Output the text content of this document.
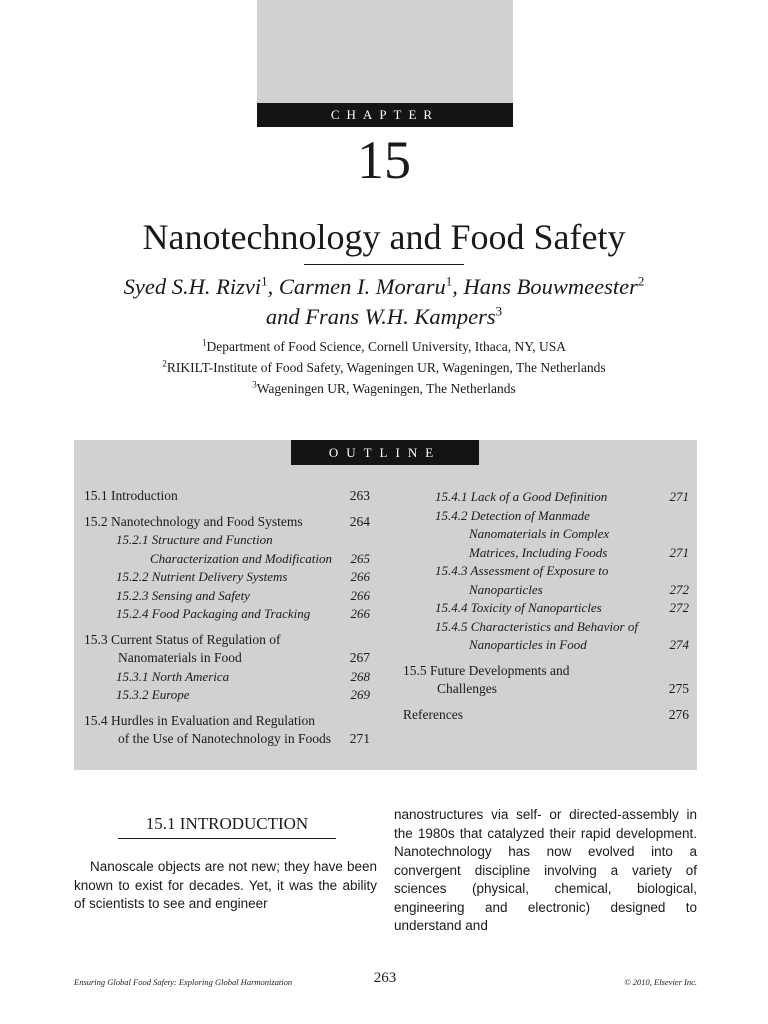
CHAPTER
15
Nanotechnology and Food Safety
Syed S.H. Rizvi$^1$, Carmen I. Moraru$^1$, Hans Bouwmeester$^2$
and Frans W.H. Kampers$^3$
$^1$Department of Food Science, Cornell University, Ithaca, NY, USA
$^2$RIKILT-Institute of Food Safety, Wageningen UR, Wageningen, The Netherlands
$^3$Wageningen UR, Wageningen, The Netherlands
OUTLINE
15.1 Introduction	263
15.2 Nanotechnology and Food Systems	264
15.2.1 Structure and Function
Characterization and Modification	265
15.2.2 Nutrient Delivery Systems	266
15.2.3 Sensing and Safety	266
15.2.4 Food Packaging and Tracking	266
15.3 Current Status of Regulation of
Nanomaterials in Food	267
15.3.1 North America	268
15.3.2 Europe	269
15.4 Hurdles in Evaluation and Regulation
of the Use of Nanotechnology in Foods	271
15.4.1 Lack of a Good Definition	271
15.4.2 Detection of Manmade
Nanomaterials in Complex
Matrices, Including Foods	271
15.4.3 Assessment of Exposure to
Nanoparticles	272
15.4.4 Toxicity of Nanoparticles	272
15.4.5 Characteristics and Behavior of
Nanoparticles in Food	274
15.5 Future Developments and
Challenges	275
References	276
15.1 INTRODUCTION
Nanoscale objects are not new; they have been known to exist for decades. Yet, it was the ability of scientists to see and engineer
nanostructures via self- or directed-assembly in the 1980s that catalyzed their rapid development. Nanotechnology has now evolved into a convergent discipline involving a variety of sciences (physical, chemical, biological, engineering and electronic) designed to understand and
Ensuring Global Food Safety: Exploring Global Harmonization	263	© 2010, Elsevier Inc.
